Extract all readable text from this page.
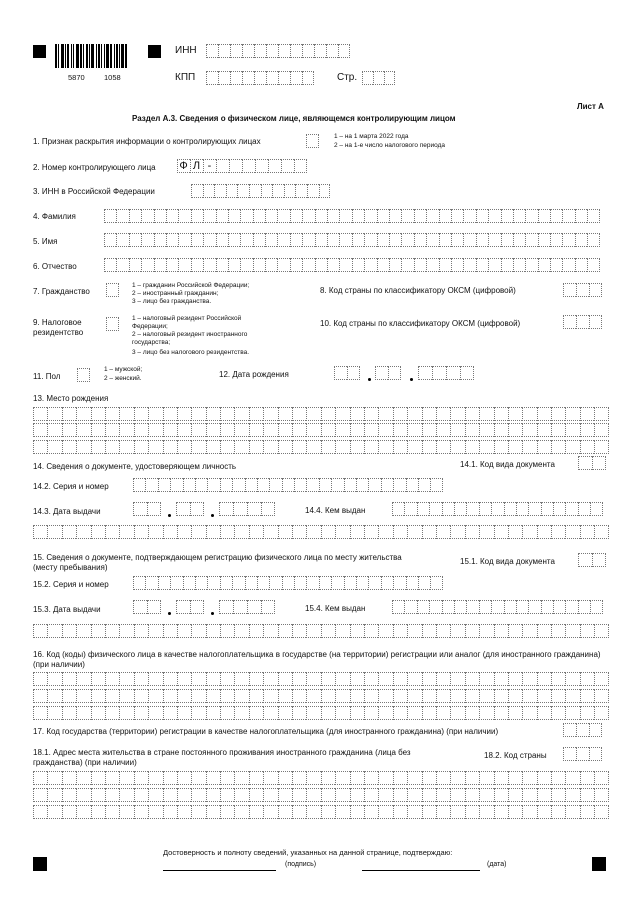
5870	1058
ИНН
КПП	Стр.
Лист А
Раздел А.3. Сведения о физическом лице, являющемся контролирующим лицом
1. Признак раскрытия информации о контролирующих лицах
1 – на 1 марта 2022 года
2 – на 1-е число налогового периода
2. Номер контролирующего лица Ф Л -
3. ИНН в Российской Федерации
4. Фамилия
5. Имя
6. Отчество
7. Гражданство
1 – гражданин Российской Федерации;
2 – иностранный гражданин;
3 – лицо без гражданства.
8. Код страны по классификатору ОКСМ (цифровой)
9. Налоговое резидентство
1 – налоговый резидент Российской Федерации;
2 – налоговый резидент иностранного государства;
3 – лицо без налогового резидентства.
10. Код страны по классификатору ОКСМ (цифровой)
11. Пол
1 – мужской;
2 – женский.	12. Дата рождения
13. Место рождения
14. Сведения о документе, удостоверяющем личность	14.1. Код вида документа
14.2. Серия и номер
14.3. Дата выдачи	14.4. Кем выдан
15. Сведения о документе, подтверждающем регистрацию физического лица по месту жительства (месту пребывания)
15.1. Код вида документа
15.2. Серия и номер
15.3. Дата выдачи	15.4. Кем выдан
16. Код (коды) физического лица в качестве налогоплательщика в государстве (на территории) регистрации или аналог (для иностранного гражданина) (при наличии)
17. Код государства (территории) регистрации в качестве налогоплательщика (для иностранного гражданина) (при наличии)
18.1. Адрес места жительства в стране постоянного проживания иностранного гражданина (лица без гражданства) (при наличии)
18.2. Код страны
Достоверность и полноту сведений, указанных на данной странице, подтверждаю:
(подпись)	(дата)
